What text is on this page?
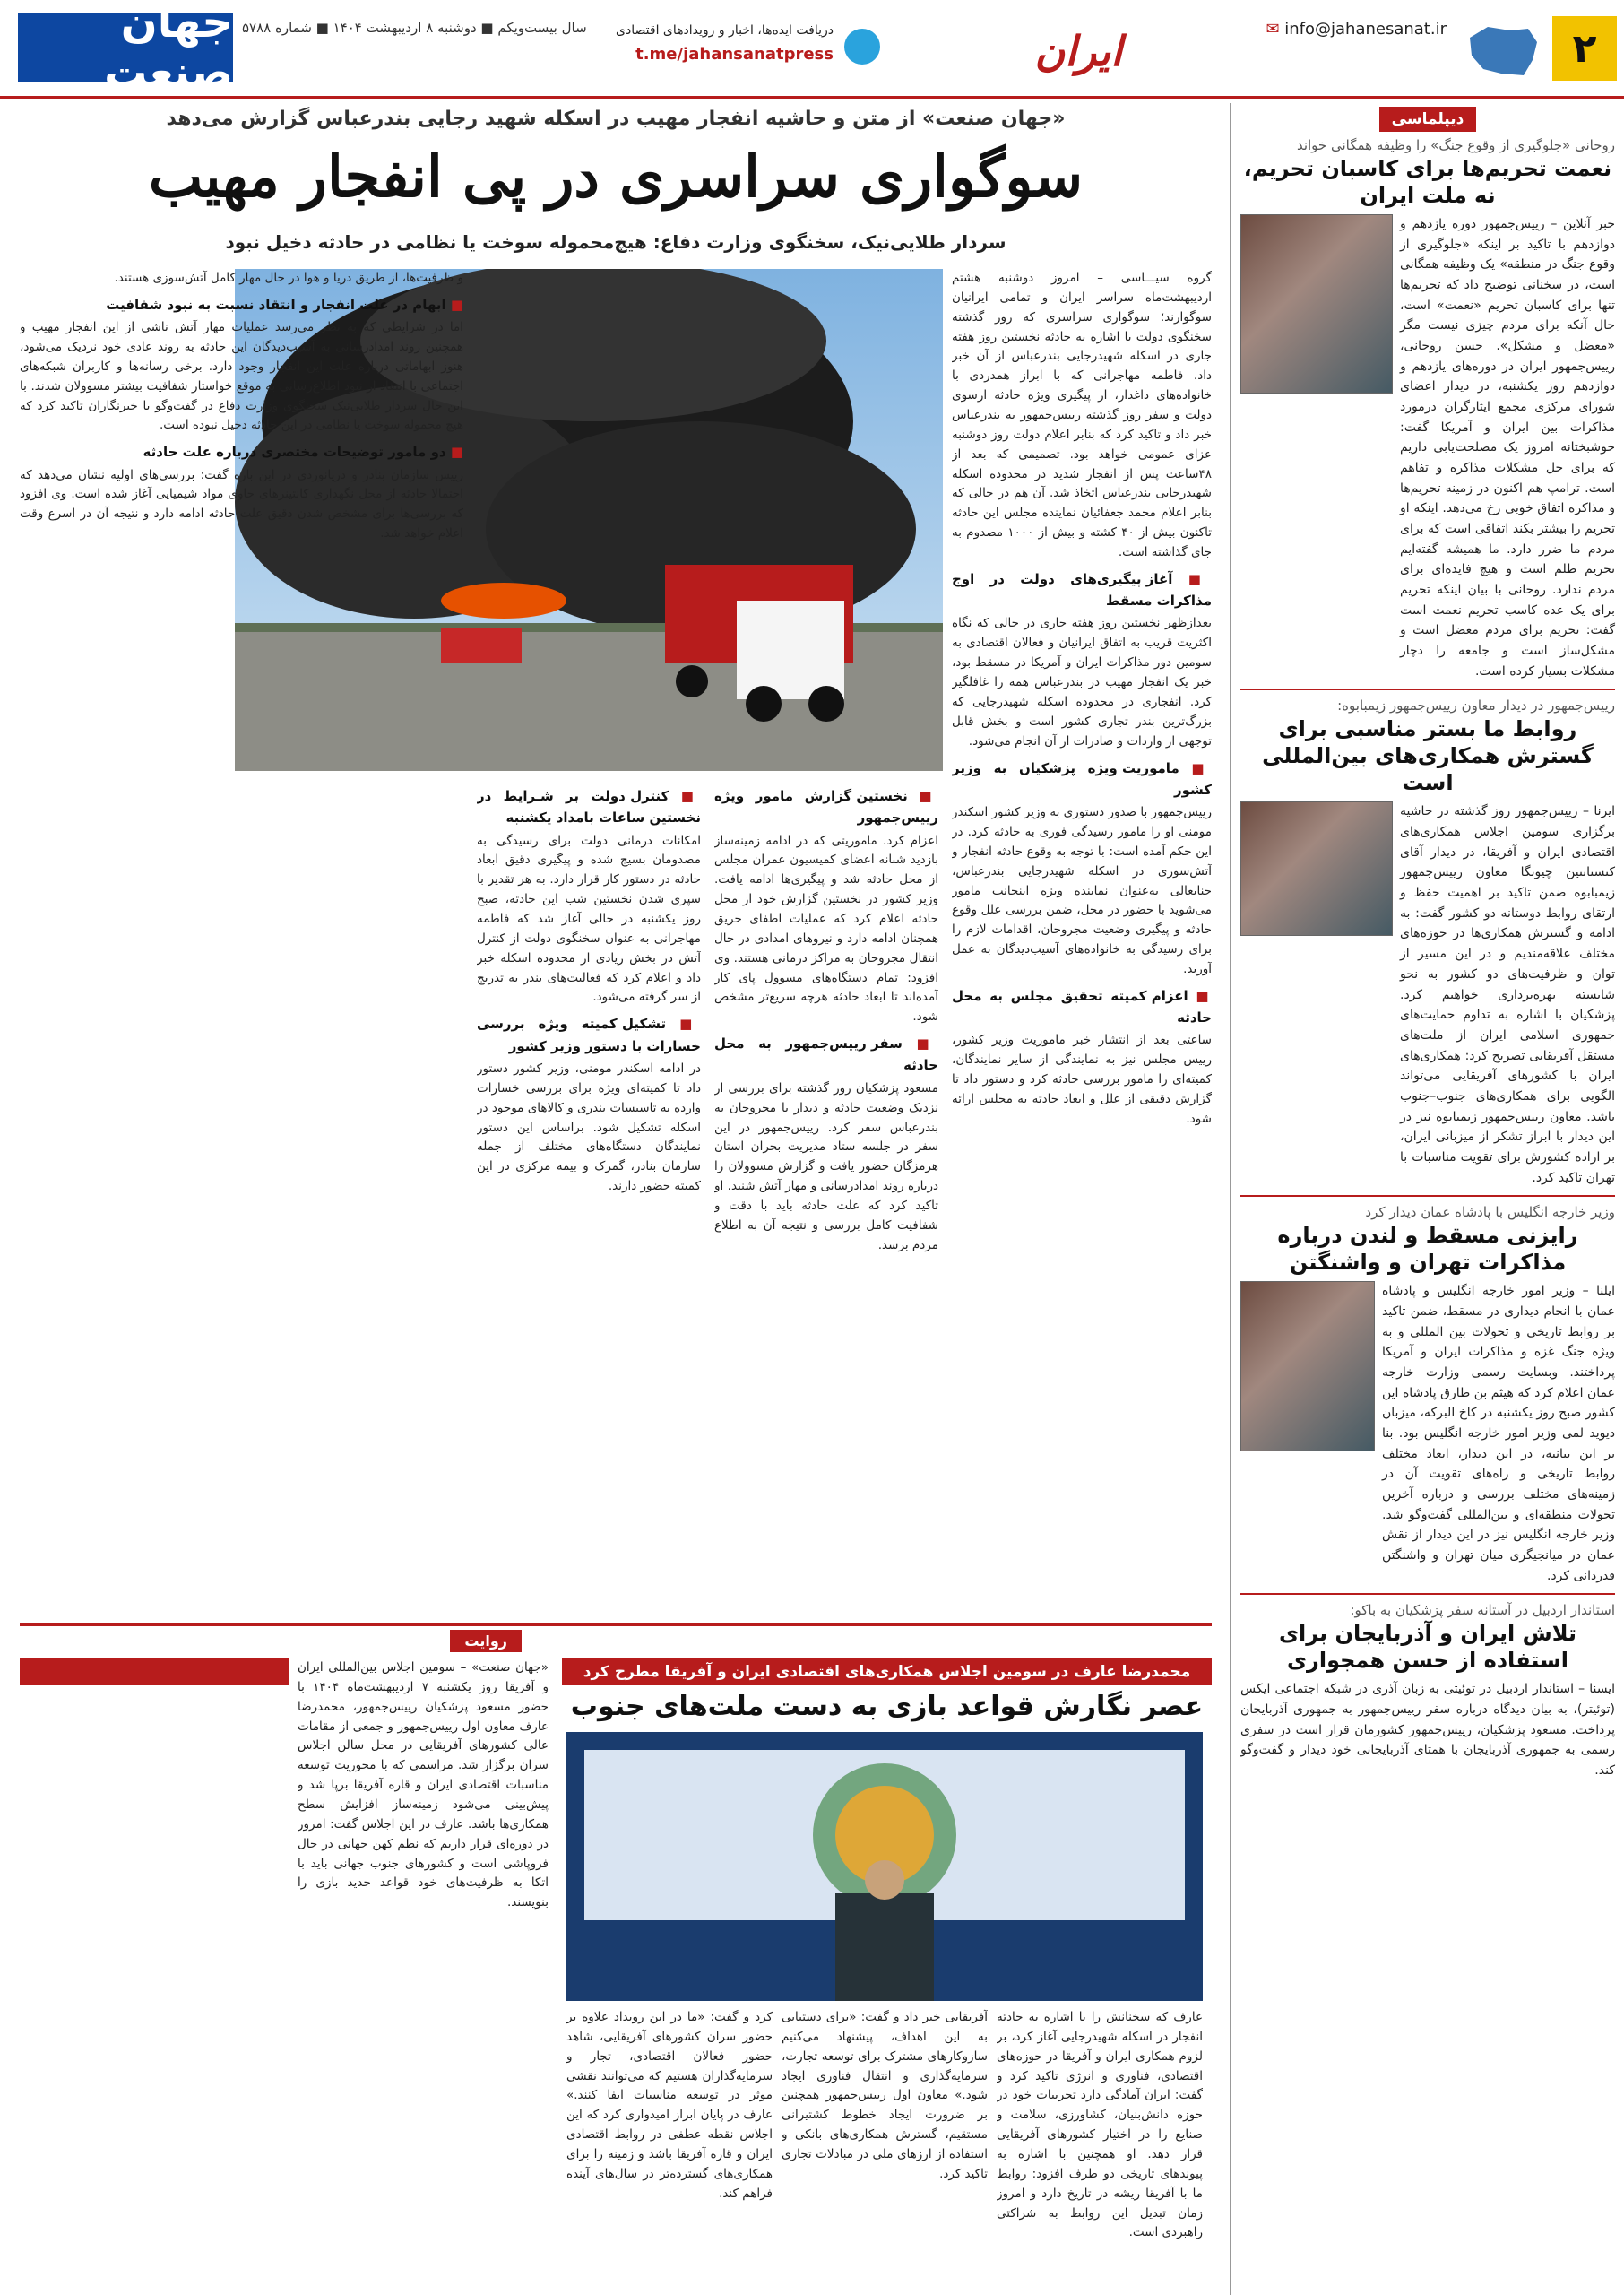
۲
✉ info@jahanesanat.ir
ایران
دریافت ایده‌ها، اخبار و رویدادهای اقتصادی
t.me/jahansanatpress
سال بیست‌ویکم ■ دوشنبه ۸ اردیبهشت ۱۴۰۴ ■ شماره ۵۷۸۸
جهان صنعت
دیپلماسی
روحانی «جلوگیری از وقوع جنگ» را وظیفه همگانی خواند
نعمت تحریم‌ها برای کاسبان تحریم، نه ملت ایران
خبر آنلاین – رییس‌جمهور دوره یازدهم و دوازدهم با تاکید بر اینکه «جلوگیری از وقوع جنگ در منطقه» یک وظیفه همگانی است، در سخنانی توضیح داد که تحریم‌ها تنها برای کاسبان تحریم «نعمت» است، حال آنکه برای مردم چیزی نیست مگر «معضل و مشکل». حسن روحانی، رییس‌جمهور ایران در دوره‌های یازدهم و دوازدهم روز یکشنبه، در دیدار اعضای شورای مرکزی مجمع ایثارگران درمورد مذاکرات بین ایران و آمریکا گفت: خوشبختانه امروز یک مصلحت‌یابی داریم که برای حل مشکلات مذاکره و تفاهم است. ترامپ هم اکنون در زمینه تحریم‌ها و مذاکره اتفاق خوبی رخ می‌دهد. اینکه او تحریم را بیشتر بکند اتفاقی است که برای مردم ما ضرر دارد. ما همیشه گفته‌ایم تحریم ظلم است و هیچ فایده‌ای برای مردم ندارد. روحانی با بیان اینکه تحریم برای یک عده کاسب تحریم نعمت است گفت: تحریم برای مردم معضل است و مشکل‌ساز است و جامعه را دچار مشکلات بسیار کرده است.
رییس‌جمهور در دیدار معاون رییس‌جمهور زیمبابوه:
روابط ما بستر مناسبی برای گسترش همکاری‌های بین‌المللی است
ایرنا – رییس‌جمهور روز گذشته در حاشیه برگزاری سومین اجلاس همکاری‌های اقتصادی ایران و آفریقا، در دیدار آقای کنستانتین چیونگا معاون رییس‌جمهور زیمبابوه ضمن تاکید بر اهمیت حفظ و ارتقای روابط دوستانه دو کشور گفت: به ادامه و گسترش همکاری‌ها در حوزه‌های مختلف علاقه‌مندیم و در این مسیر از توان و ظرفیت‌های دو کشور به نحو شایسته بهره‌برداری خواهیم کرد. پزشکیان با اشاره به تداوم حمایت‌های جمهوری اسلامی ایران از ملت‌های مستقل آفریقایی تصریح کرد: همکاری‌های ایران با کشورهای آفریقایی می‌تواند الگویی برای همکاری‌های جنوب–جنوب باشد. معاون رییس‌جمهور زیمبابوه نیز در این دیدار با ابراز تشکر از میزبانی ایران، بر اراده کشورش برای تقویت مناسبات با تهران تاکید کرد.
وزیر خارجه انگلیس با پادشاه عمان دیدار کرد
رایزنی مسقط و لندن درباره مذاکرات تهران و واشنگتن
ایلنا – وزیر امور خارجه انگلیس و پادشاه عمان با انجام دیداری در مسقط، ضمن تاکید بر روابط تاریخی و تحولات بین المللی و به ویژه جنگ غزه و مذاکرات ایران و آمریکا پرداختند. وبسایت رسمی وزارت خارجه عمان اعلام کرد که هیثم بن طارق پادشاه این کشور صبح روز یکشنبه در کاخ البرکه، میزبان دیوید لمی وزیر امور خارجه انگلیس بود. بنا بر این بیانیه، در این دیدار، ابعاد مختلف روابط تاریخی و راه‌های تقویت آن در زمینه‌های مختلف بررسی و درباره آخرین تحولات منطقه‌ای و بین‌المللی گفت‌وگو شد. وزیر خارجه انگلیس نیز در این دیدار از نقش عمان در میانجیگری میان تهران و واشنگتن قدردانی کرد.
استاندار اردبیل در آستانه سفر پزشکیان به باکو:
تلاش ایران و آذربایجان برای استفاده از حسن همجواری
ایسنا – استاندار اردبیل در توئیتی به زبان آذری در شبکه اجتماعی ایکس (توئیتر)، به بیان دیدگاه درباره سفر رییس‌جمهور به جمهوری آذربایجان پرداخت. مسعود پزشکیان، رییس‌جمهور کشورمان قرار است در سفری رسمی به جمهوری آذربایجان با همتای آذربایجانی خود دیدار و گفت‌وگو کند.
«جهان صنعت» از متن و حاشیه انفجار مهیب در اسکله شهید رجایی بندرعباس گزارش می‌دهد
سوگواری سراسری در پی انفجار مهیب
سردار طلایی‌نیک، سخنگوی وزارت دفاع: هیچ‌محموله سوخت یا نظامی در حادثه دخیل نبود

گروه سیـــاسی – امروز دوشنبه هشتم اردیبهشت‌ماه سراسر ایران و تمامی ایرانیان سوگوارند؛ سوگواری سراسری که روز گذشته سخنگوی دولت با اشاره به حادثه نخستین روز هفته جاری در اسکله شهیدرجایی بندرعباس از آن خبر داد. فاطمه مهاجرانی که با ابراز همدردی با خانواده‌های داغدار، از پیگیری ویژه حادثه ازسوی دولت و سفر روز گذشته رییس‌جمهور به بندرعباس خبر داد و تاکید کرد که بنابر اعلام دولت روز دوشنبه عزای عمومی خواهد بود. تصمیمی که بعد از ۴۸ساعت پس از انفجار شدید در محدوده اسکله شهیدرجایی بندرعباس اتخاذ شد. آن هم در حالی که بنابر اعلام محمد جعفائیان نماینده مجلس این حادثه تاکنون بیش از ۴۰ کشته و بیش از ۱۰۰۰ مصدوم به جای گذاشته است.

■ آغاز پیگیری‌های دولت در اوج مذاکرات مسقط

بعدازظهر نخستین روز هفته جاری در حالی که نگاه اکثریت قریب به اتفاق ایرانیان و فعالان اقتصادی به سومین دور مذاکرات ایران و آمریکا در مسقط بود، خبر یک انفجار مهیب در بندرعباس همه را غافلگیر کرد. انفجاری در محدوده اسکله شهیدرجایی که بزرگ‌ترین بندر تجاری کشور است و بخش قابل توجهی از واردات و صادرات از آن انجام می‌شود.

■ ماموریت ویژه پزشکیان به وزیر کشور

رییس‌جمهور با صدور دستوری به وزیر کشور اسکندر مومنی او را مامور رسیدگی فوری به حادثه کرد. در این حکم آمده است: با توجه به وقوع حادثه انفجار و آتش‌سوزی در اسکله شهیدرجایی بندرعباس، جنابعالی به‌عنوان نماینده ویژه اینجانب مامور می‌شوید با حضور در محل، ضمن بررسی علل وقوع حادثه و پیگیری وضعیت مجروحان، اقدامات لازم را برای رسیدگی به خانواده‌های آسیب‌دیدگان به عمل آورید.

■ اعزام کمیته تحقیق مجلس به محل حادثه

ساعتی بعد از انتشار خبر ماموریت وزیر کشور، رییس مجلس نیز به نمایندگی از سایر نمایندگان، کمیته‌ای را مامور بررسی حادثه کرد و دستور داد تا گزارش دقیقی از علل و ابعاد حادثه به مجلس ارائه شود.

■ نخستین گزارش مامور ویژه رییس‌جمهور

اعزام کرد. ماموریتی که در ادامه زمینه‌ساز بازدید شبانه اعضای کمیسیون عمران مجلس از محل حادثه شد و پیگیری‌ها ادامه یافت. وزیر کشور در نخستین گزارش خود از محل حادثه اعلام کرد که عملیات اطفای حریق همچنان ادامه دارد و نیروهای امدادی در حال انتقال مجروحان به مراکز درمانی هستند. وی افزود: تمام دستگاه‌های مسوول پای کار آمده‌اند تا ابعاد حادثه هرچه سریع‌تر مشخص شود.

■ سفر رییس‌جمهور به محل حادثه

مسعود پزشکیان روز گذشته برای بررسی از نزدیک وضعیت حادثه و دیدار با مجروحان به بندرعباس سفر کرد. رییس‌جمهور در این سفر در جلسه ستاد مدیریت بحران استان هرمزگان حضور یافت و گزارش مسوولان را درباره روند امدادرسانی و مهار آتش شنید. او تاکید کرد که علت حادثه باید با دقت و شفافیت کامل بررسی و نتیجه آن به اطلاع مردم برسد.

■ کنترل دولت بر شـرایط در نخستین ساعات بامداد یکشنبه

امکانات درمانی دولت برای رسیدگی به مصدومان بسیج شده و پیگیری دقیق ابعاد حادثه در دستور کار قرار دارد. به هر تقدیر با سپری شدن نخستین شب این حادثه، صبح روز یکشنبه در حالی آغاز شد که فاطمه مهاجرانی به عنوان سخنگوی دولت از کنترل آتش در بخش زیادی از محدوده اسکله خبر داد و اعلام کرد که فعالیت‌های بندر به تدریج از سر گرفته می‌شود.

■ تشکیل کمیته ویژه بررسی خسارات با دستور وزیر کشور

در ادامه اسکندر مومنی، وزیر کشور دستور داد تا کمیته‌ای ویژه برای بررسی خسارات وارده به تاسیسات بندری و کالاهای موجود در اسکله تشکیل شود. براساس این دستور نمایندگان دستگاه‌های مختلف از جمله سازمان بنادر، گمرک و بیمه مرکزی در این کمیته حضور دارند.

و ظرفیت‌ها، از طریق دریا و هوا در حال مهار کامل آتش‌سوزی هستند.

■ ابهام در علت انفجار و انتقاد نسبت به نبود شفافیت

اما در شرایطی که به نظر می‌رسد عملیات مهار آتش ناشی از این انفجار مهیب و همچنین روند امدادرسانی به آسیب‌دیدگان این حادثه به روند عادی خود نزدیک می‌شود، هنوز ابهاماتی درباره علت این انفجار وجود دارد. برخی رسانه‌ها و کاربران شبکه‌های اجتماعی با انتقاد از نبود اطلاع‌رسانی به موقع خواستار شفافیت بیشتر مسوولان شدند. با این حال سردار طلایی‌نیک سخنگوی وزارت دفاع در گفت‌وگو با خبرنگاران تاکید کرد که هیچ محموله سوخت یا نظامی در این حادثه دخیل نبوده است.

■ دو مامور توضیحات مختصری درباره علت حادثه

رییس سازمان بنادر و دریانوردی در این باره گفت: بررسی‌های اولیه نشان می‌دهد که احتمالا حادثه از محل نگهداری کانتینرهای حاوی مواد شیمیایی آغاز شده است. وی افزود که بررسی‌ها برای مشخص شدن دقیق علت حادثه ادامه دارد و نتیجه آن در اسرع وقت اعلام خواهد شد.

روایت

«جهان صنعت» – سومین اجلاس بین‌المللی ایران و آفریقا روز یکشنبه ۷ اردیبهشت‌ماه ۱۴۰۴ با حضور مسعود پزشکیان رییس‌جمهور، محمدرضا عارف معاون اول رییس‌جمهور و جمعی از مقامات عالی کشورهای آفریقایی در محل سالن اجلاس سران برگزار شد. مراسمی که با محوریت توسعه مناسبات اقتصادی ایران و قاره آفریقا برپا شد و پیش‌بینی می‌شود زمینه‌ساز افزایش سطح همکاری‌ها باشد. عارف در این اجلاس گفت: امروز در دوره‌ای قرار داریم که نظم کهن جهانی در حال فروپاشی است و کشورهای جنوب جهانی باید با اتکا به ظرفیت‌های خود قواعد جدید بازی را بنویسند.

محمدرضا عارف در سومین اجلاس همکاری‌های اقتصادی ایران و آفریقا مطرح کرد
عصر نگارش قواعد بازی به دست ملت‌های جنوب

عارف که سخنانش را با اشاره به حادثه انفجار در اسکله شهیدرجایی آغاز کرد، بر لزوم همکاری ایران و آفریقا در حوزه‌های اقتصادی، فناوری و انرژی تاکید کرد و گفت: ایران آمادگی دارد تجربیات خود در حوزه دانش‌بنیان، کشاورزی، سلامت و صنایع را در اختیار کشورهای آفریقایی قرار دهد. او همچنین با اشاره به پیوندهای تاریخی دو طرف افزود: روابط ما با آفریقا ریشه در تاریخ دارد و امروز زمان تبدیل این روابط به شراکتی راهبردی است.

آفریقایی خبر داد و گفت: «برای دستیابی به این اهداف، پیشنهاد می‌کنیم سازوکارهای مشترک برای توسعه تجارت، سرمایه‌گذاری و انتقال فناوری ایجاد شود.» معاون اول رییس‌جمهور همچنین بر ضرورت ایجاد خطوط کشتیرانی مستقیم، گسترش همکاری‌های بانکی و استفاده از ارزهای ملی در مبادلات تجاری تاکید کرد.

کرد و گفت: «ما در این رویداد علاوه بر حضور سران کشورهای آفریقایی، شاهد حضور فعالان اقتصادی، تجار و سرمایه‌گذاران هستیم که می‌توانند نقشی موثر در توسعه مناسبات ایفا کنند.» عارف در پایان ابراز امیدواری کرد که این اجلاس نقطه عطفی در روابط اقتصادی ایران و قاره آفریقا باشد و زمینه را برای همکاری‌های گسترده‌تر در سال‌های آینده فراهم کند.
